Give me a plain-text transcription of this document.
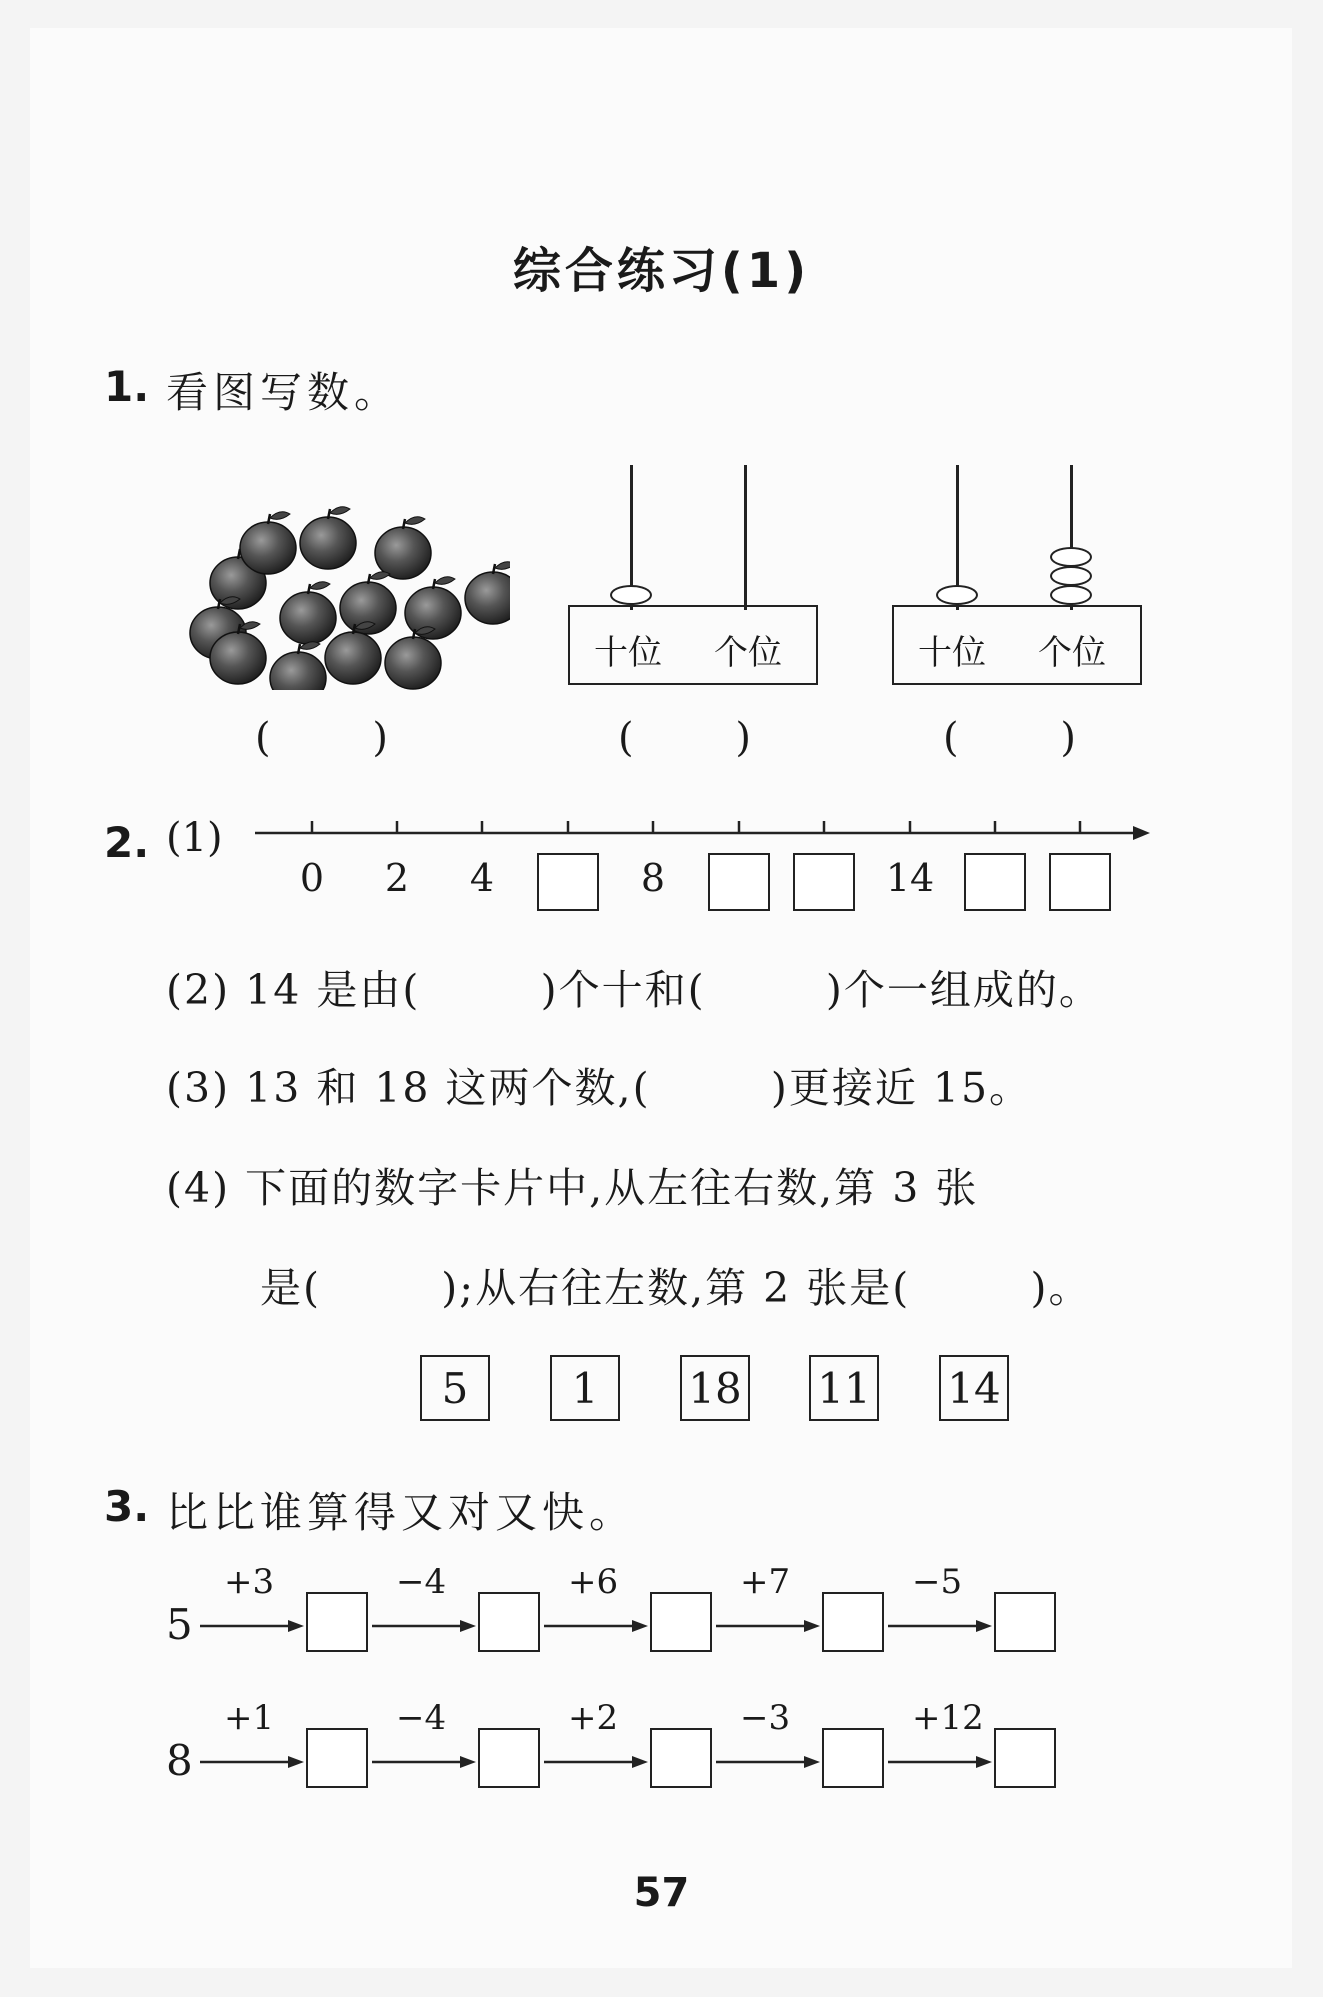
综合练习(1)
1. 看图写数。
十位 个位	十位 个位
(        )	(        )	(        )
2. (1)
0	2	4	8	14
(2) 14 是由(        )个十和(        )个一组成的。
(3) 13 和 18 这两个数,(        )更接近 15。
(4) 下面的数字卡片中,从左往右数,第 3 张
是(        );从右往左数,第 2 张是(        )。
5	1	18 11 14
3. 比比谁算得又对又快。
5
+3	−4	+6	+7	−5
8
+1	−4	+2	−3	+12
57
